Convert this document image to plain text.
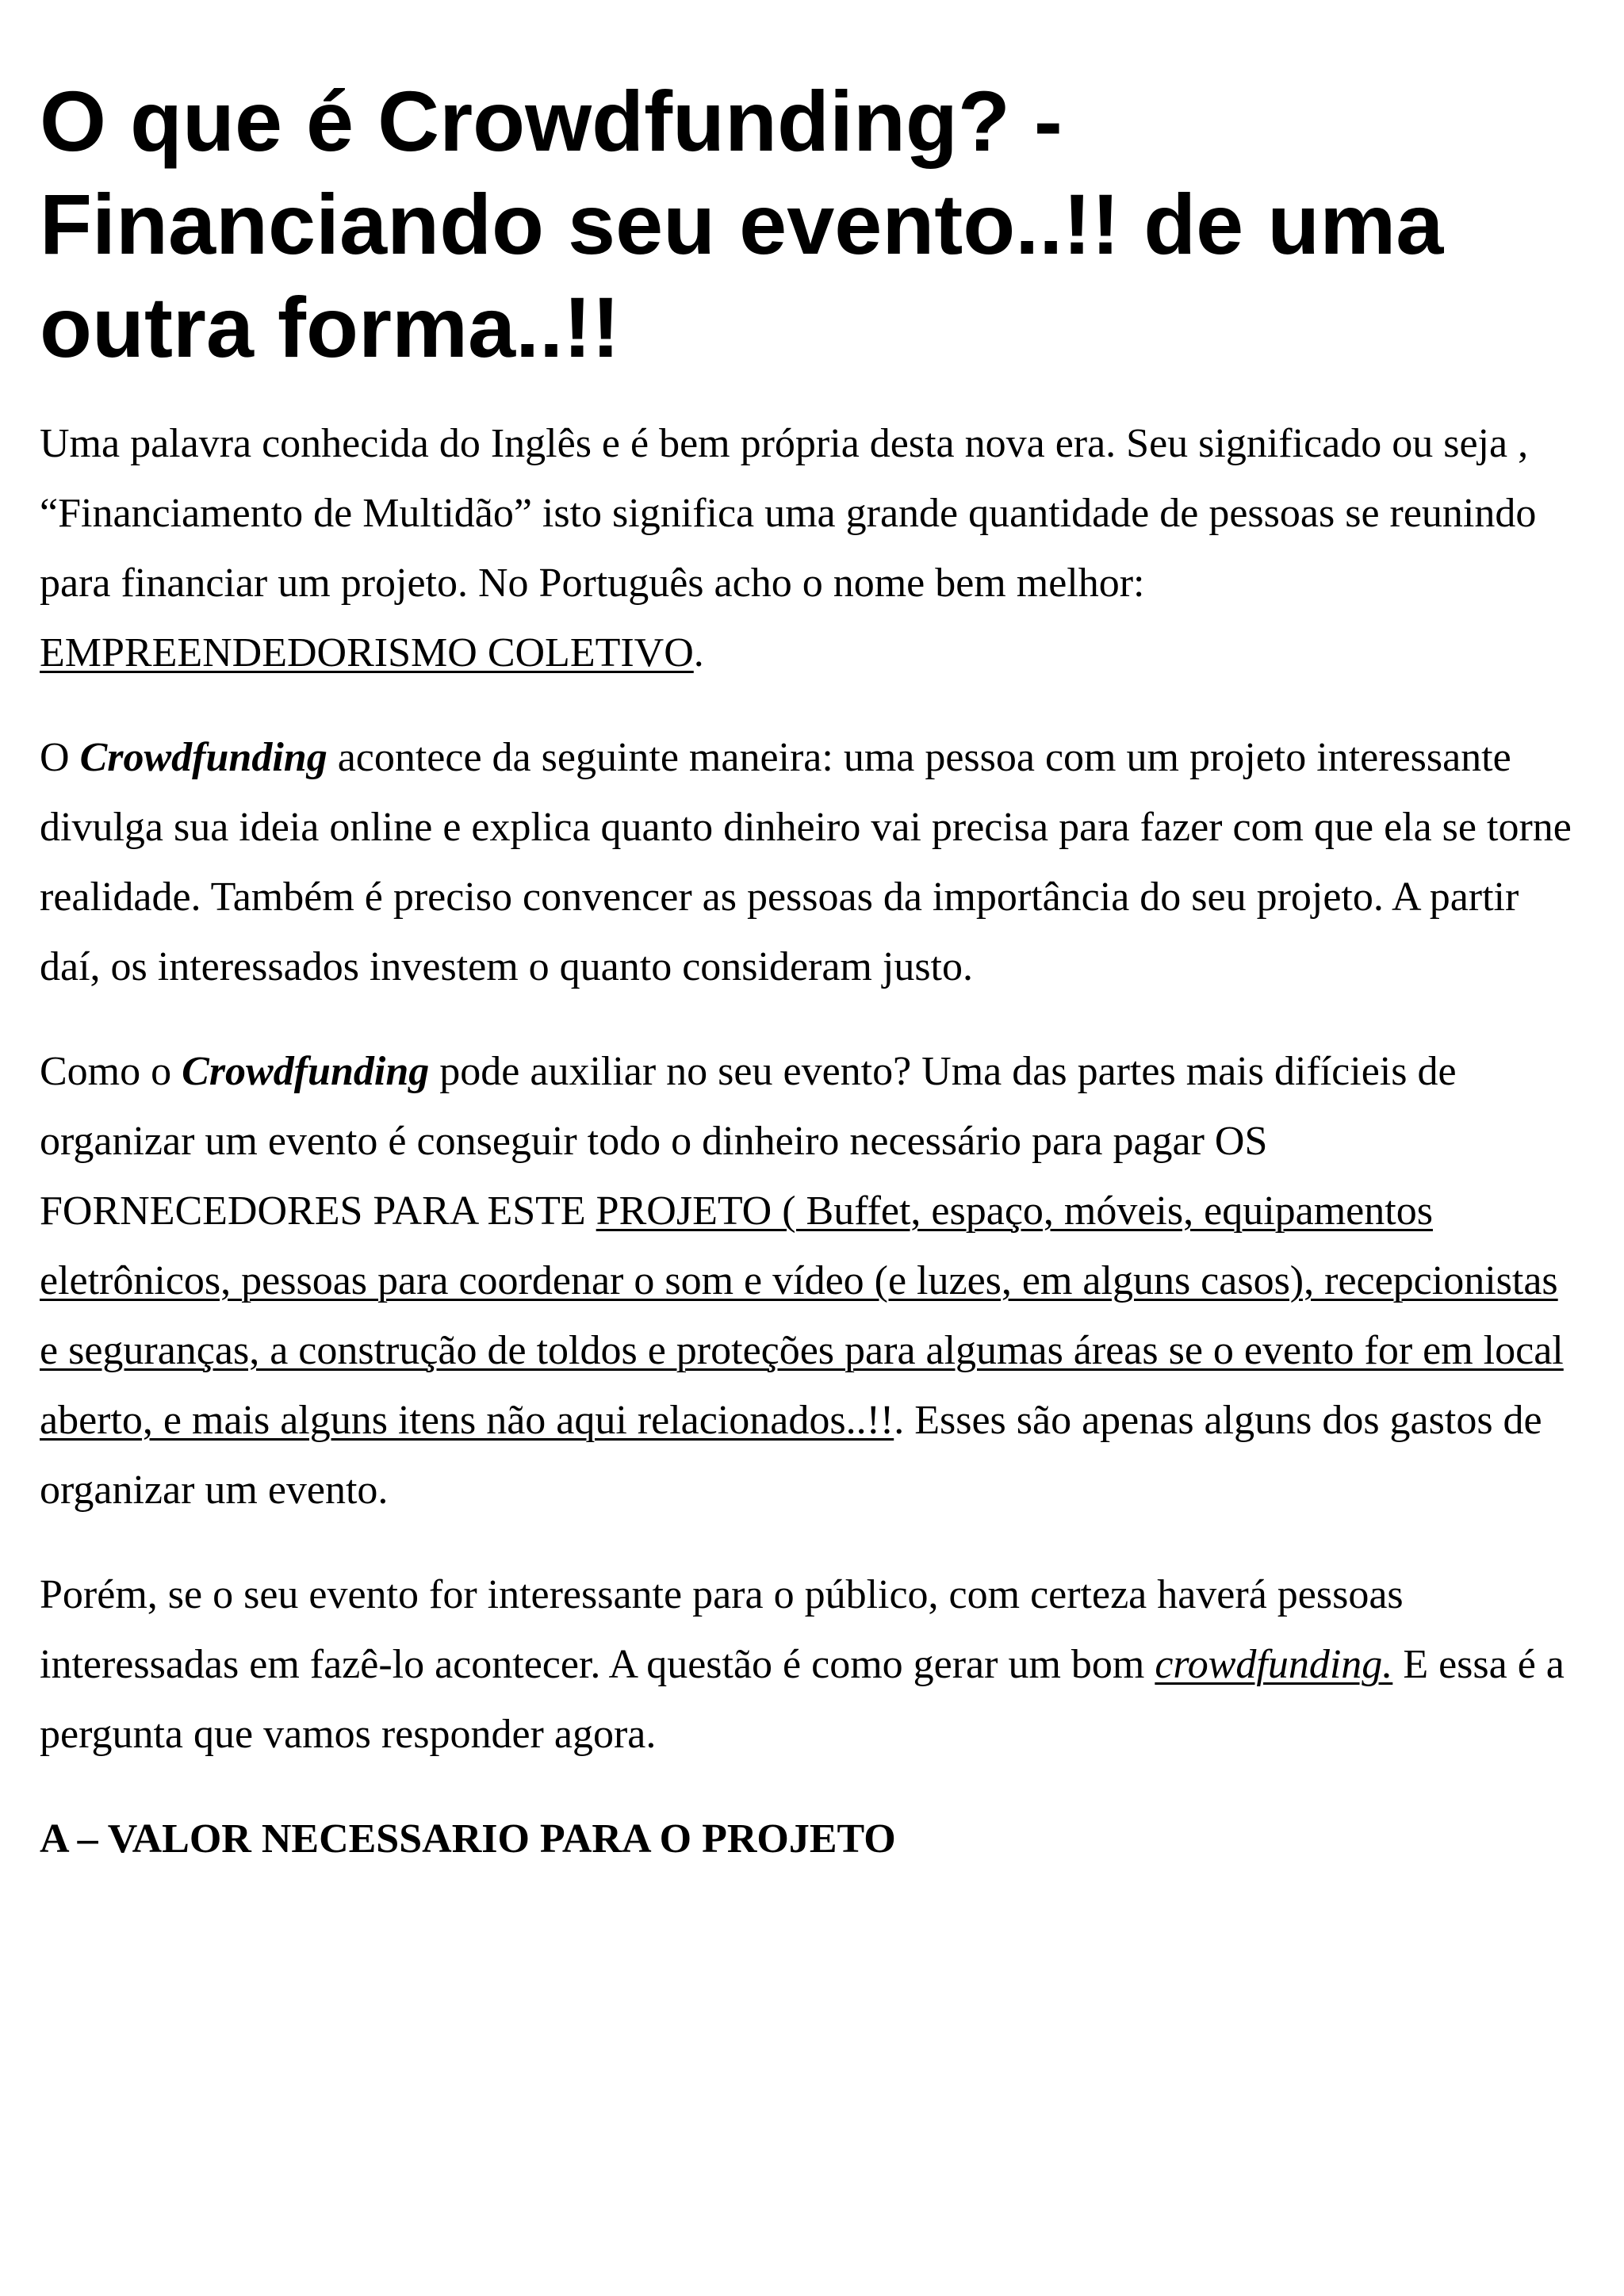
O que é Crowdfunding? - Financiando seu evento..!! de uma outra forma..!!

Uma palavra conhecida do Inglês e é bem própria desta nova era. Seu significado ou seja , “Financiamento de Multidão” isto significa uma grande quantidade de pessoas se reunindo para financiar um projeto. No Português acho o nome bem melhor: EMPREENDEDORISMO COLETIVO.

O Crowdfunding acontece da seguinte maneira: uma pessoa com um projeto interessante divulga sua ideia online e explica quanto dinheiro vai precisa para fazer com que ela se torne realidade. Também é preciso convencer as pessoas da importância do seu projeto. A partir daí, os interessados investem o quanto consideram justo.

Como o Crowdfunding pode auxiliar no seu evento? Uma das partes mais difícieis de organizar um evento é conseguir todo o dinheiro necessário para pagar OS FORNECEDORES PARA ESTE PROJETO ( Buffet, espaço, móveis, equipamentos eletrônicos, pessoas para coordenar o som e vídeo (e luzes, em alguns casos), recepcionistas e seguranças, a construção de toldos e proteções para algumas áreas se o evento for em local aberto, e mais alguns itens não aqui relacionados..!!. Esses são apenas alguns dos gastos de organizar um evento.

Porém, se o seu evento for interessante para o público, com certeza haverá pessoas interessadas em fazê-lo acontecer. A questão é como gerar um bom crowdfunding. E essa é a pergunta que vamos responder agora.

A – VALOR NECESSARIO PARA O PROJETO
